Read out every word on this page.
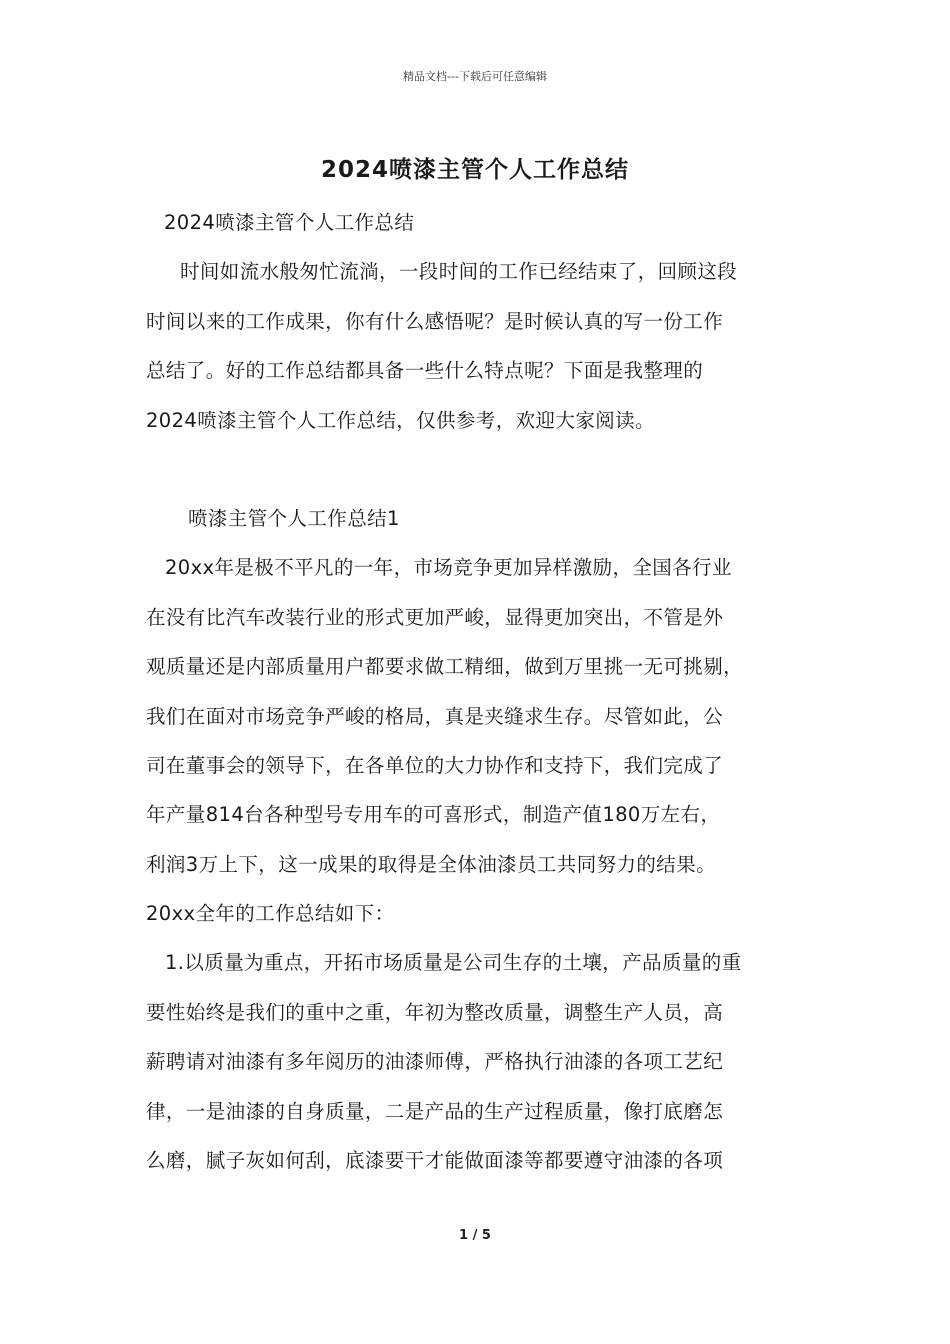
精品文档---下载后可任意编辑
2024喷漆主管个人工作总结
2024喷漆主管个人工作总结
时间如流水般匆忙流淌，一段时间的工作已经结束了，回顾这段
时间以来的工作成果，你有什么感悟呢？是时候认真的写一份工作
总结了。好的工作总结都具备一些什么特点呢？下面是我整理的
2024喷漆主管个人工作总结，仅供参考，欢迎大家阅读。
喷漆主管个人工作总结1
20xx年是极不平凡的一年，市场竞争更加异样激励，全国各行业
在没有比汽车改装行业的形式更加严峻，显得更加突出，不管是外
观质量还是内部质量用户都要求做工精细，做到万里挑一无可挑剔，
我们在面对市场竞争严峻的格局，真是夹缝求生存。尽管如此，公
司在董事会的领导下，在各单位的大力协作和支持下，我们完成了
年产量814台各种型号专用车的可喜形式，制造产值180万左右，
利润3万上下，这一成果的取得是全体油漆员工共同努力的结果。
20xx全年的工作总结如下：
1.以质量为重点，开拓市场质量是公司生存的土壤，产品质量的重
要性始终是我们的重中之重，年初为整改质量，调整生产人员，高
薪聘请对油漆有多年阅历的油漆师傅，严格执行油漆的各项工艺纪
律，一是油漆的自身质量，二是产品的生产过程质量，像打底磨怎
么磨，腻子灰如何刮，底漆要干才能做面漆等都要遵守油漆的各项
1 / 5
